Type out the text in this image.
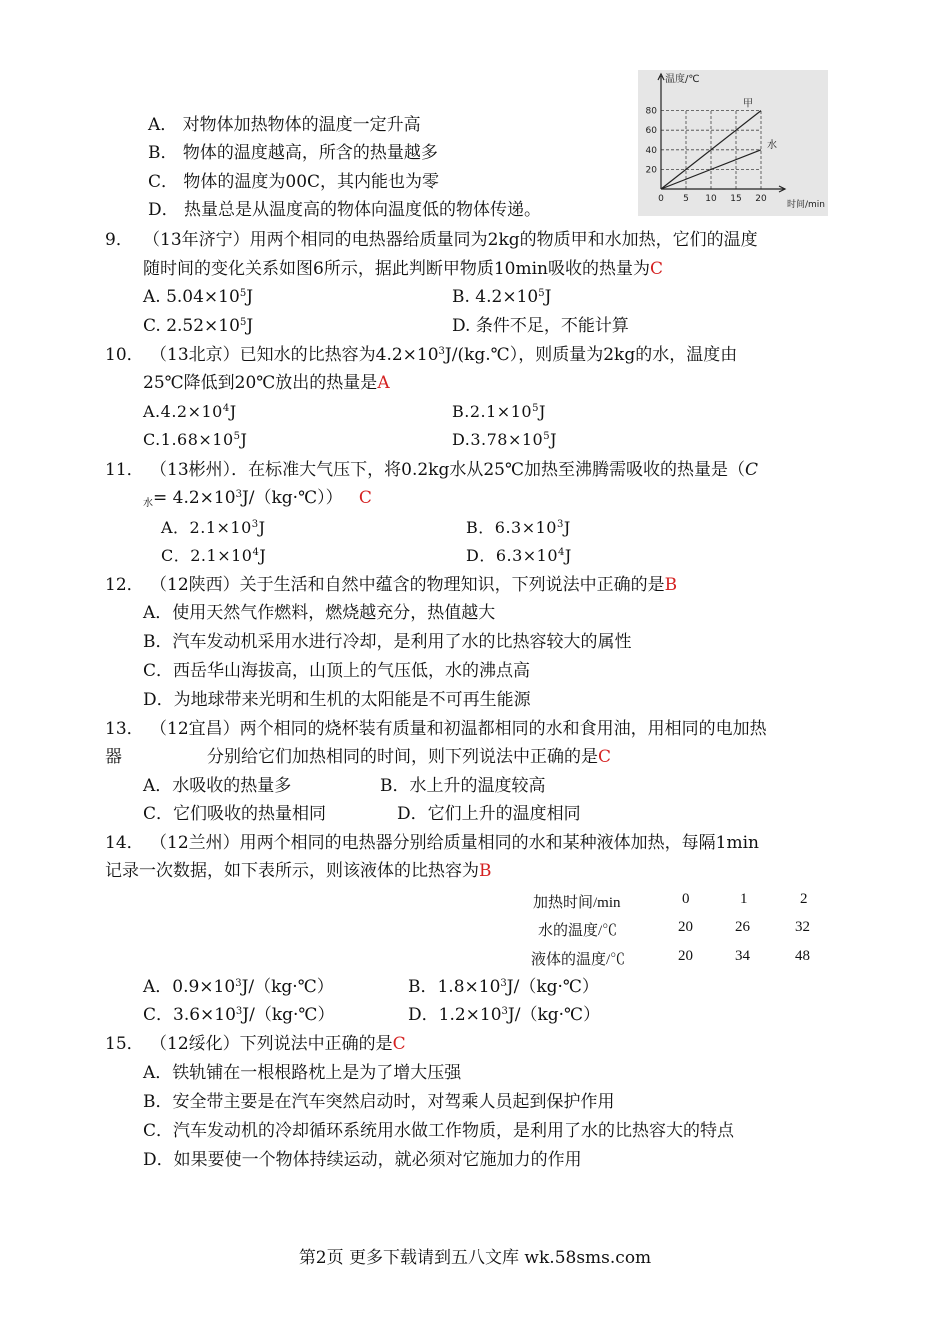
A． 对物体加热物体的温度一定升高
B． 物体的温度越高，所含的热量越多
C． 物体的温度为00C，其内能也为零
D． 热量总是从温度高的物体向温度低的物体传递。
20
40
60
80
0 5 10 15 20
温度/℃
时间/min
甲
水
9． （13年济宁）用两个相同的电热器给质量同为2kg的物质甲和水加热，它们的温度
随时间的变化关系如图6所示，据此判断甲物质10min吸收的热量为C
A. $5.04\times 10^5J$	B. $4.2\times 10^5J$
C. $2.52\times 10^5J$	D. 条件不足，不能计算
10． （13北京）已知水的比热容为$4.2\times 10^3J/(kg.℃)$，则质量为2kg的水，温度由
25℃降低到20℃放出的热量是A
$A.4.2\times 10^4J$	$B.2.1\times 10^5J$
$C.1.68\times 10^5J$	$D.3.78\times 10^5J$
11． （13彬州）．在标准大气压下，将0.2kg水从25℃加热至沸腾需吸收的热量是（C
$_水= 4.2\times 10^3J/(kg\cdot℃)$） C
A．$2.1\times 10^3J$	B．$6.3\times 10^3J$
C．$2.1\times 10^4J$	D．$6.3\times 10^4J$
12． （12陕西）关于生活和自然中蕴含的物理知识，下列说法中正确的是B
A．使用天然气作燃料，燃烧越充分，热值越大
B．汽车发动机采用水进行冷却，是利用了水的比热容较大的属性
C．西岳华山海拔高，山顶上的气压低，水的沸点高
D．为地球带来光明和生机的太阳能是不可再生能源
13． （12宜昌）两个相同的烧杯装有质量和初温都相同的水和食用油，用相同的电加热
器	分别给它们加热相同的时间，则下列说法中正确的是C
A．水吸收的热量多	B．水上升的温度较高
C．它们吸收的热量相同	D．它们上升的温度相同
14． （12兰州）用两个相同的电热器分别给质量相同的水和某种液体加热，每隔1min
记录一次数据，如下表所示，则该液体的比热容为B
加热时间/min	0	1	2
水的温度/℃	20	26	32
液体的温度/℃	20	34	48
A．$0.9\times 10^3J/(kg\cdot℃)$	B．$1.8\times 10^3J/(kg\cdot℃)$
C．$3.6\times 10^3J/(kg\cdot℃)$	D．$1.2\times 10^3J/(kg\cdot℃)$
15． （12绥化）下列说法中正确的是C
A．铁轨铺在一根根路枕上是为了增大压强
B．安全带主要是在汽车突然启动时，对驾乘人员起到保护作用
C．汽车发动机的冷却循环系统用水做工作物质，是利用了水的比热容大的特点
D．如果要使一个物体持续运动，就必须对它施加力的作用
第2页 更多下载请到五八文库 wk.58sms.com
